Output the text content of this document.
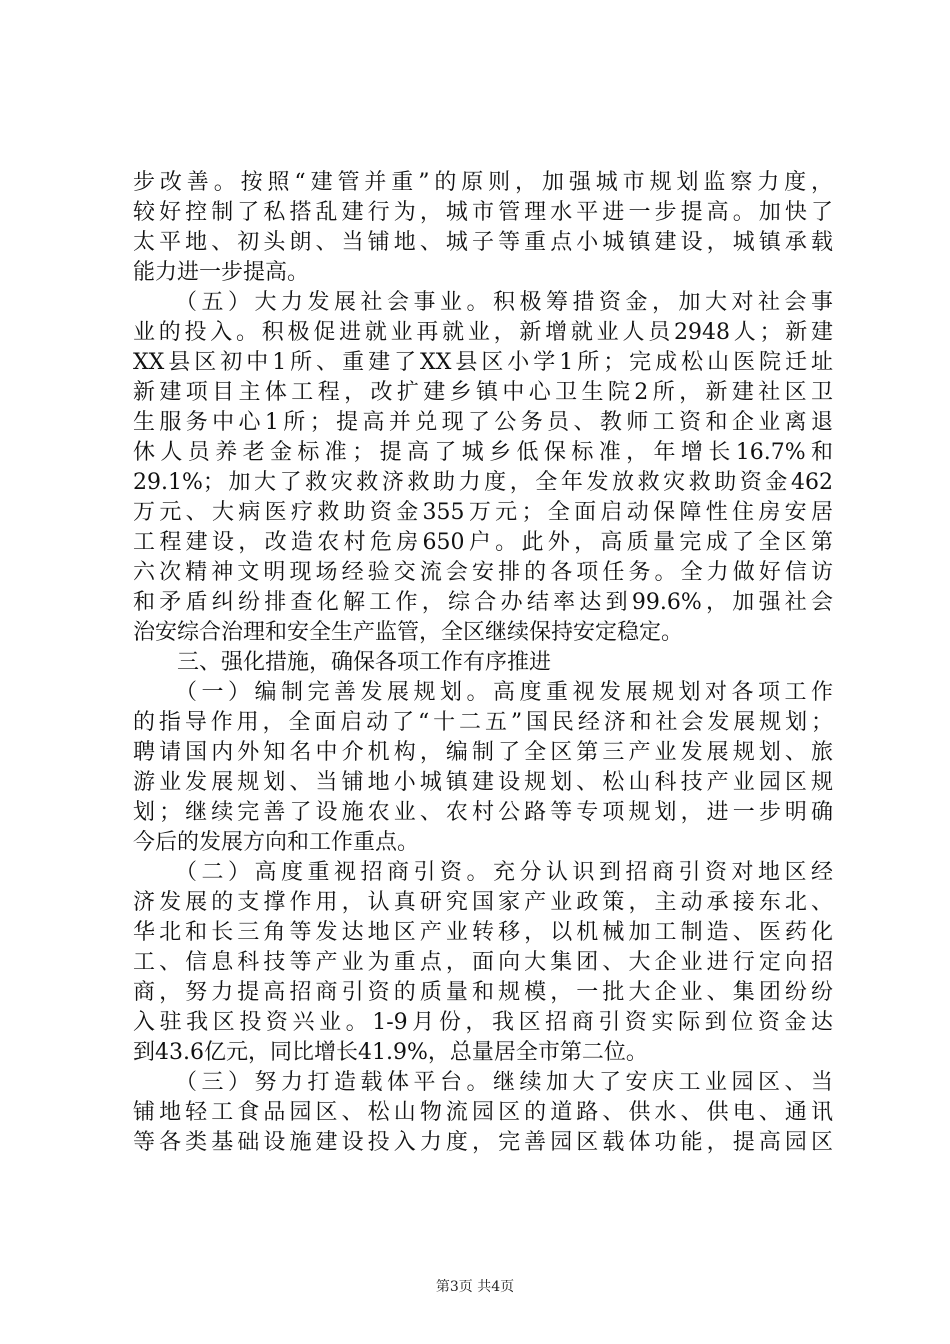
步改善。按照“建管并重”的原则，加强城市规划监察力度，
较好控制了私搭乱建行为，城市管理水平进一步提高。加快了
太平地、初头朗、当铺地、城子等重点小城镇建设，城镇承载
能力进一步提高。
　　（五）大力发展社会事业。积极筹措资金，加大对社会事
业的投入。积极促进就业再就业，新增就业人员2948人；新建
XX县区初中1所、重建了XX县区小学1所；完成松山医院迁址
新建项目主体工程，改扩建乡镇中心卫生院2所，新建社区卫
生服务中心1所；提高并兑现了公务员、教师工资和企业离退
休人员养老金标准；提高了城乡低保标准，年增长16.7%和
29.1%；加大了救灾救济救助力度，全年发放救灾救助资金462
万元、大病医疗救助资金355万元；全面启动保障性住房安居
工程建设，改造农村危房650户。此外，高质量完成了全区第
六次精神文明现场经验交流会安排的各项任务。全力做好信访
和矛盾纠纷排查化解工作，综合办结率达到99.6%，加强社会
治安综合治理和安全生产监管，全区继续保持安定稳定。
　　三、强化措施，确保各项工作有序推进
　　（一）编制完善发展规划。高度重视发展规划对各项工作
的指导作用，全面启动了“十二五”国民经济和社会发展规划；
聘请国内外知名中介机构，编制了全区第三产业发展规划、旅
游业发展规划、当铺地小城镇建设规划、松山科技产业园区规
划；继续完善了设施农业、农村公路等专项规划，进一步明确
今后的发展方向和工作重点。
　　（二）高度重视招商引资。充分认识到招商引资对地区经
济发展的支撑作用，认真研究国家产业政策，主动承接东北、
华北和长三角等发达地区产业转移，以机械加工制造、医药化
工、信息科技等产业为重点，面向大集团、大企业进行定向招
商，努力提高招商引资的质量和规模，一批大企业、集团纷纷
入驻我区投资兴业。1-9月份，我区招商引资实际到位资金达
到43.6亿元，同比增长41.9%，总量居全市第二位。
　　（三）努力打造载体平台。继续加大了安庆工业园区、当
铺地轻工食品园区、松山物流园区的道路、供水、供电、通讯
等各类基础设施建设投入力度，完善园区载体功能，提高园区
第3页 共4页
